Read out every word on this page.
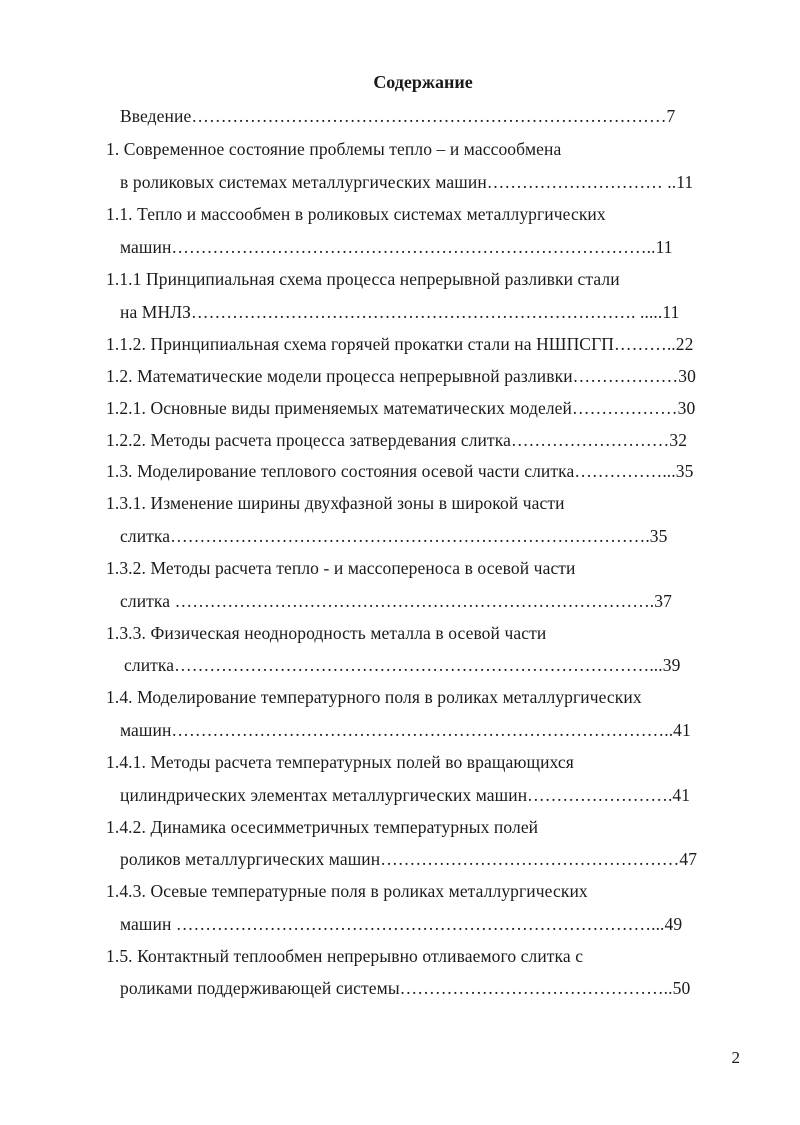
Содержание
Введение………………………………………………………………………7
1. Современное состояние проблемы тепло – и массообмена
в роликовых системах металлургических машин………………………… ..11
1.1. Тепло и массообмен в роликовых системах металлургических
машин………………………………………………………………………..11
1.1.1 Принципиальная схема процесса непрерывной разливки стали
на МНЛЗ…………………………………………………………………. .....11
1.1.2. Принципиальная схема горячей прокатки стали на НШПСГП………..22
1.2. Математические модели процесса непрерывной разливки………………30
1.2.1. Основные виды применяемых математических моделей………………30
1.2.2. Методы расчета процесса затвердевания слитка………………………32
1.3. Моделирование теплового состояния осевой части слитка……………...35
1.3.1. Изменение ширины двухфазной зоны в широкой части
слитка……………………………………………………………………….35
1.3.2. Методы расчета тепло - и массопереноса в осевой части
слитка ……………………………………………………………………….37
1.3.3. Физическая неоднородность металла в осевой части
слитка………………………………………………………………………...39
1.4. Моделирование температурного поля в роликах металлургических
машин…………………………………………………………………………..41
1.4.1. Методы расчета температурных полей во вращающихся
цилиндрических элементах металлургических машин…………………….41
1.4.2. Динамика осесимметричных температурных полей
роликов металлургических машин……………………………………………47
1.4.3. Осевые температурные поля в роликах металлургических
машин ………………………………………………………………………...49
1.5. Контактный теплообмен непрерывно отливаемого слитка с
роликами поддерживающей системы………………………………………..50
2
